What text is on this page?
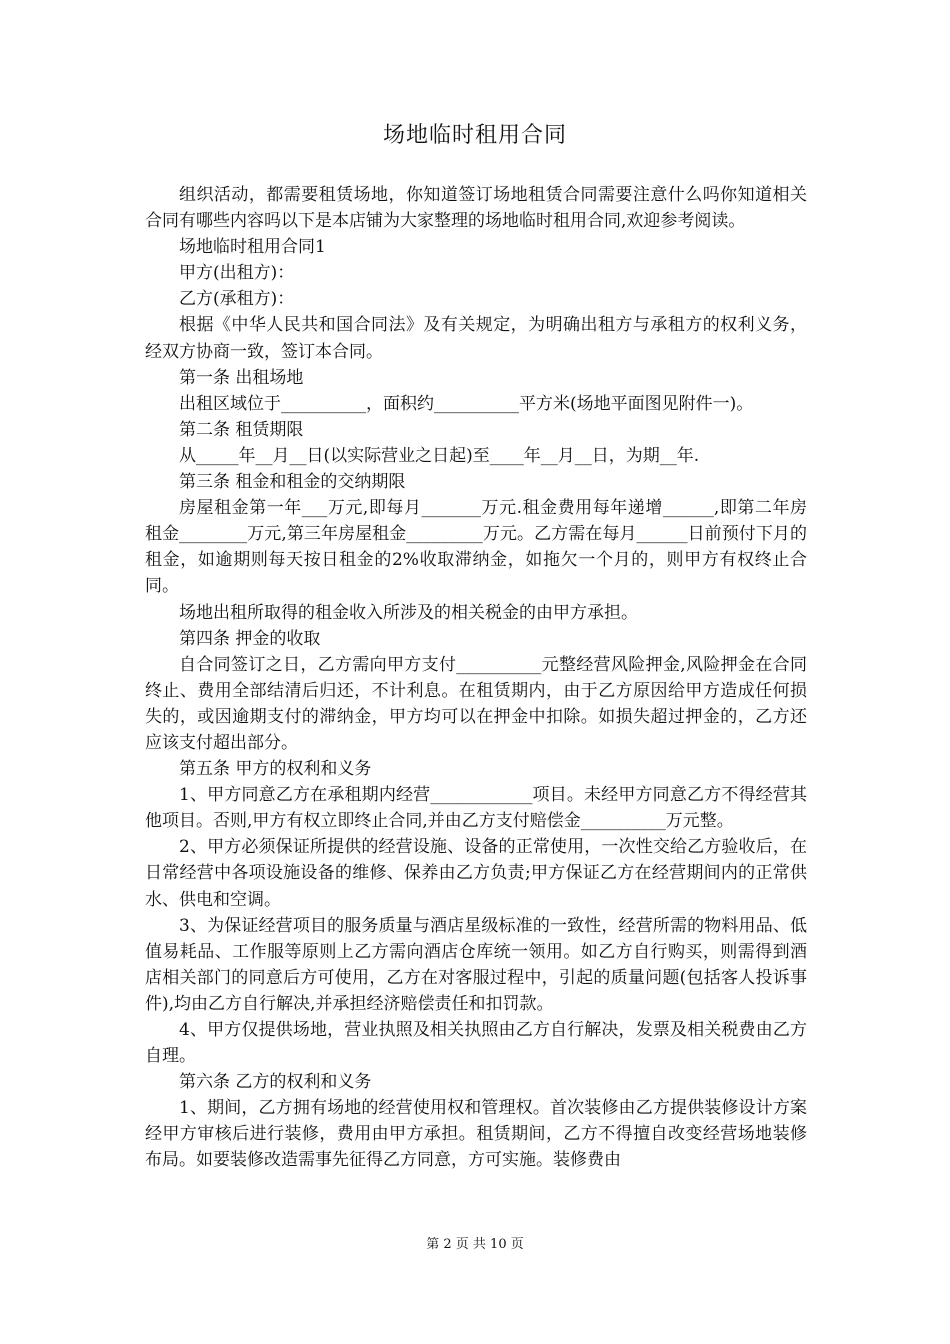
场地临时租用合同

组织活动，都需要租赁场地，你知道签订场地租赁合同需要注意什么吗你知道相关合同有哪些内容吗以下是本店铺为大家整理的场地临时租用合同,欢迎参考阅读。

场地临时租用合同1

甲方(出租方)：

乙方(承租方)：

根据《中华人民共和国合同法》及有关规定，为明确出租方与承租方的权利义务，经双方协商一致，签订本合同。

第一条 出租场地

出租区域位于__________，面积约__________平方米(场地平面图见附件一)。

第二条 租赁期限

从_____年__月__日(以实际营业之日起)至____年__月__日，为期__年.

第三条 租金和租金的交纳期限

房屋租金第一年___万元,即每月_______万元.租金费用每年递增______,即第二年房租金________万元,第三年房屋租金_________万元。乙方需在每月______日前预付下月的租金，如逾期则每天按日租金的2%收取滞纳金，如拖欠一个月的，则甲方有权终止合同。

场地出租所取得的租金收入所涉及的相关税金的由甲方承担。

第四条 押金的收取

自合同签订之日，乙方需向甲方支付__________元整经营风险押金,风险押金在合同终止、费用全部结清后归还，不计利息。在租赁期内，由于乙方原因给甲方造成任何损失的，或因逾期支付的滞纳金，甲方均可以在押金中扣除。如损失超过押金的，乙方还应该支付超出部分。

第五条 甲方的权利和义务

1、甲方同意乙方在承租期内经营____________项目。未经甲方同意乙方不得经营其他项目。否则,甲方有权立即终止合同,并由乙方支付赔偿金__________万元整。

2、甲方必须保证所提供的经营设施、设备的正常使用，一次性交给乙方验收后，在日常经营中各项设施设备的维修、保养由乙方负责;甲方保证乙方在经营期间内的正常供水、供电和空调。

3、为保证经营项目的服务质量与酒店星级标准的一致性，经营所需的物料用品、低值易耗品、工作服等原则上乙方需向酒店仓库统一领用。如乙方自行购买，则需得到酒店相关部门的同意后方可使用，乙方在对客服过程中，引起的质量问题(包括客人投诉事件),均由乙方自行解决,并承担经济赔偿责任和扣罚款。

4、甲方仅提供场地，营业执照及相关执照由乙方自行解决，发票及相关税费由乙方自理。

第六条 乙方的权利和义务

1、期间，乙方拥有场地的经营使用权和管理权。首次装修由乙方提供装修设计方案经甲方审核后进行装修，费用由甲方承担。租赁期间，乙方不得擅自改变经营场地装修布局。如要装修改造需事先征得乙方同意，方可实施。装修费由

第 2 页 共 10 页
